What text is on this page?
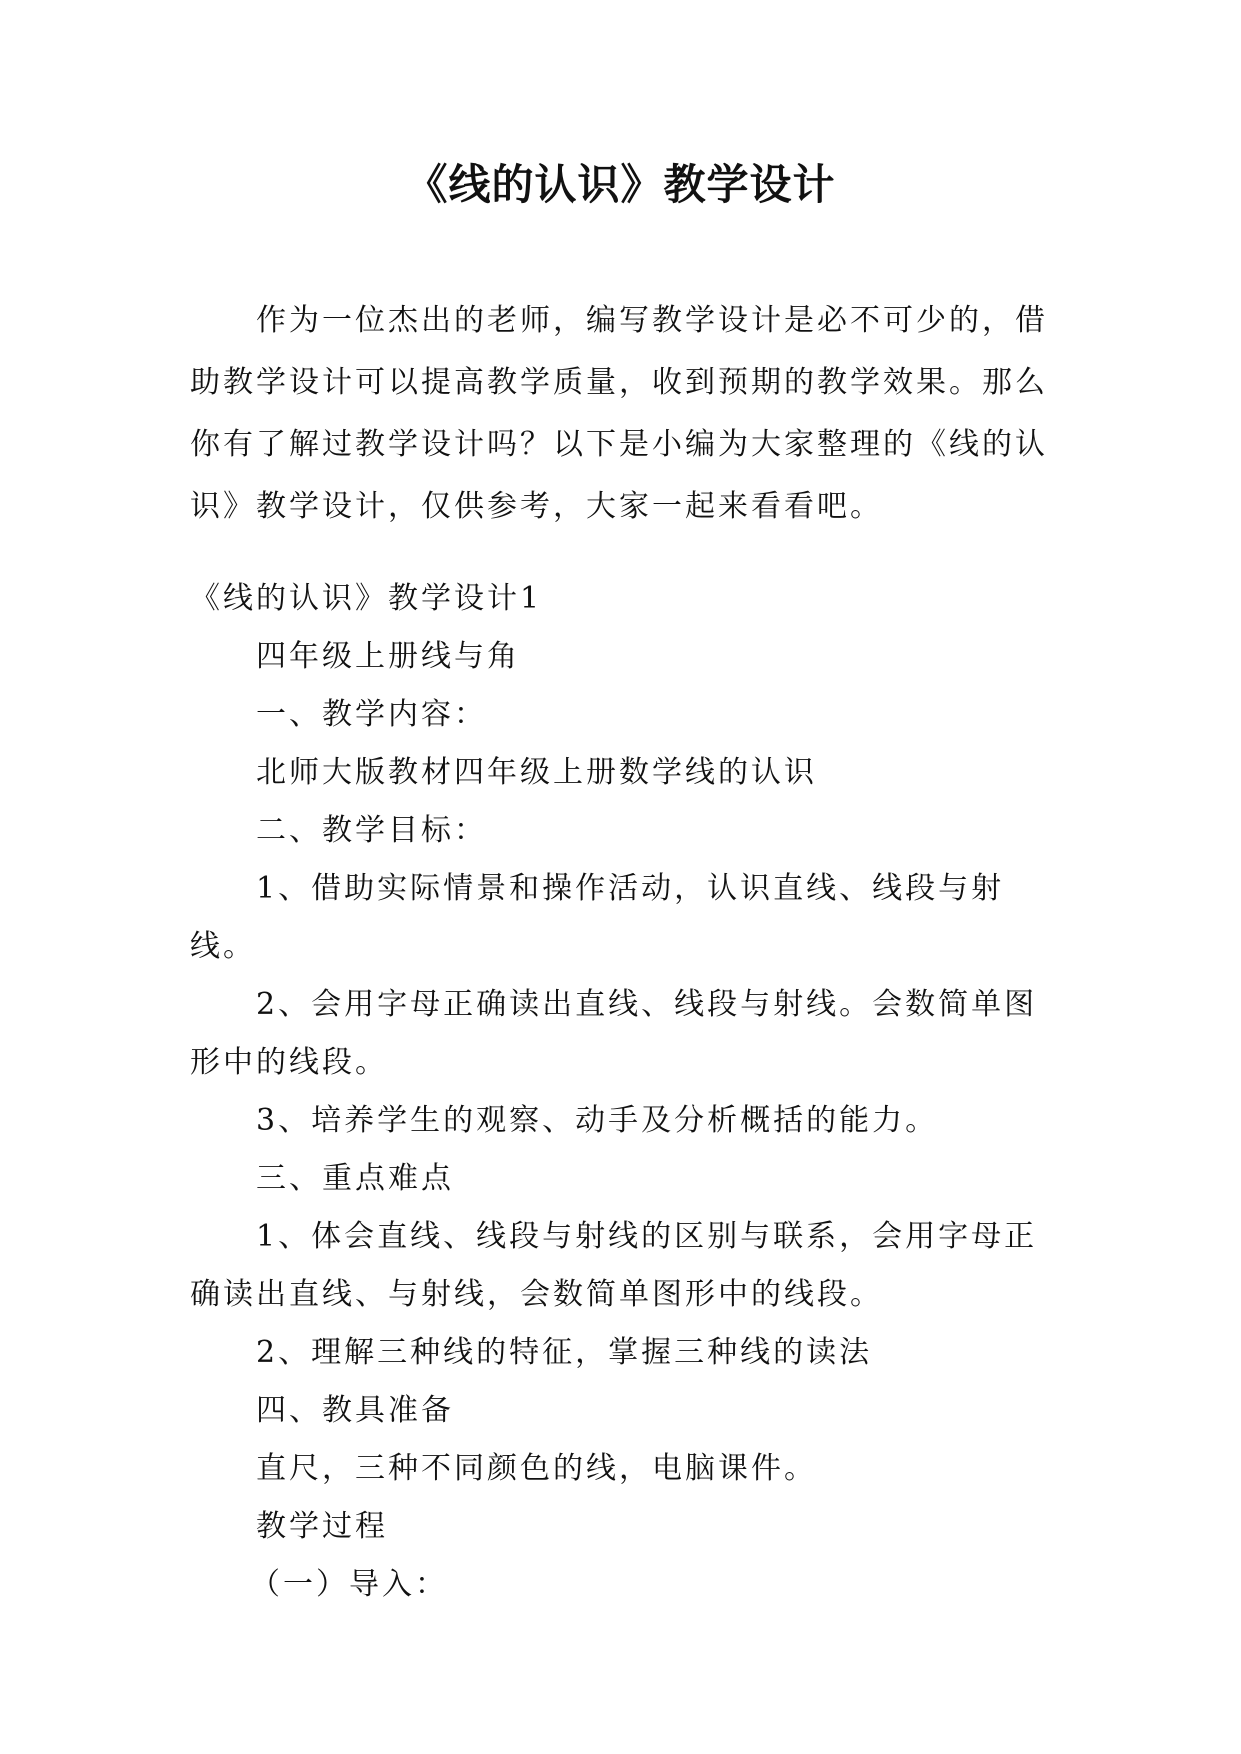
《线的认识》教学设计

作为一位杰出的老师，编写教学设计是必不可少的，借助教学设计可以提高教学质量，收到预期的教学效果。那么你有了解过教学设计吗？以下是小编为大家整理的《线的认识》教学设计，仅供参考，大家一起来看看吧。

《线的认识》教学设计1

四年级上册线与角

一、教学内容：

北师大版教材四年级上册数学线的认识

二、教学目标：

1、借助实际情景和操作活动，认识直线、线段与射线。

2、会用字母正确读出直线、线段与射线。会数简单图形中的线段。

3、培养学生的观察、动手及分析概括的能力。

三、重点难点

1、体会直线、线段与射线的区别与联系，会用字母正确读出直线、与射线，会数简单图形中的线段。

2、理解三种线的特征，掌握三种线的读法

四、教具准备

直尺，三种不同颜色的线，电脑课件。

教学过程

（一）导入：
